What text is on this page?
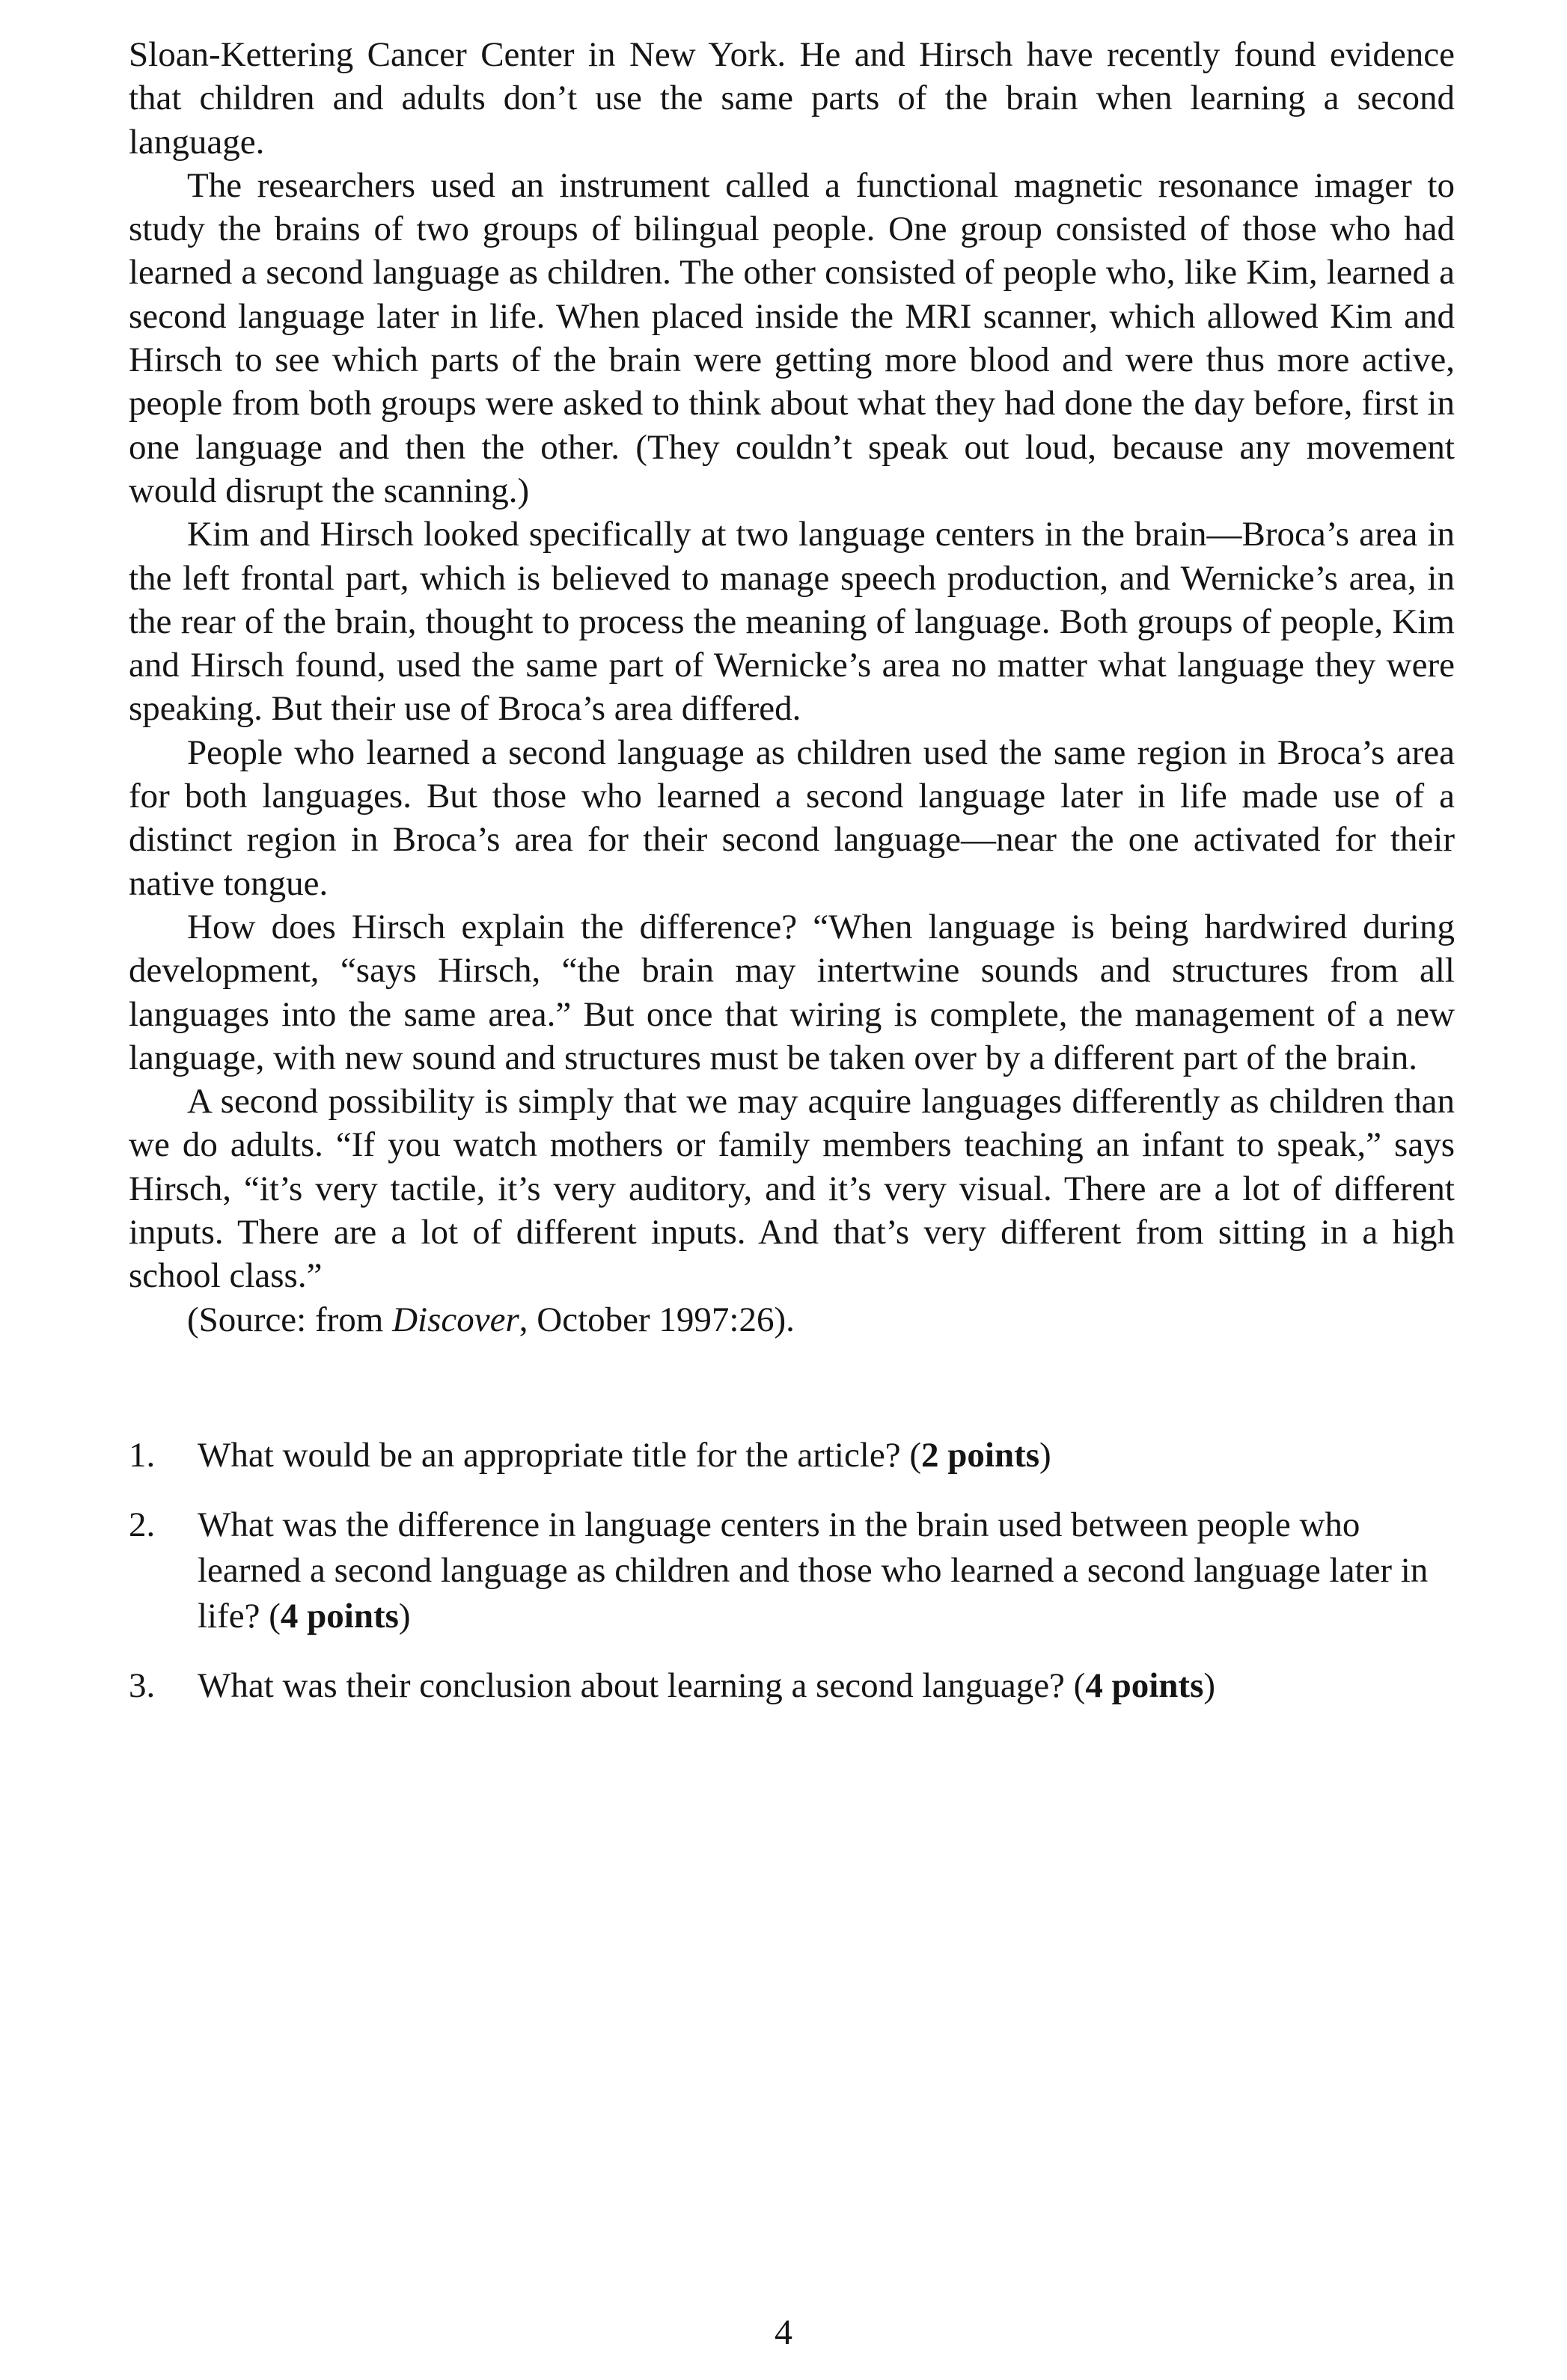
Sloan-Kettering Cancer Center in New York. He and Hirsch have recently found evidence that children and adults don’t use the same parts of the brain when learning a second language.

The researchers used an instrument called a functional magnetic resonance imager to study the brains of two groups of bilingual people. One group consisted of those who had learned a second language as children. The other consisted of people who, like Kim, learned a second language later in life. When placed inside the MRI scanner, which allowed Kim and Hirsch to see which parts of the brain were getting more blood and were thus more active, people from both groups were asked to think about what they had done the day before, first in one language and then the other. (They couldn’t speak out loud, because any movement would disrupt the scanning.)

Kim and Hirsch looked specifically at two language centers in the brain—Broca’s area in the left frontal part, which is believed to manage speech production, and Wernicke’s area, in the rear of the brain, thought to process the meaning of language. Both groups of people, Kim and Hirsch found, used the same part of Wernicke’s area no matter what language they were speaking. But their use of Broca’s area differed.

People who learned a second language as children used the same region in Broca’s area for both languages. But those who learned a second language later in life made use of a distinct region in Broca’s area for their second language—near the one activated for their native tongue.

How does Hirsch explain the difference? “When language is being hardwired during development, “says Hirsch, “the brain may intertwine sounds and structures from all languages into the same area.” But once that wiring is complete, the management of a new language, with new sound and structures must be taken over by a different part of the brain.

A second possibility is simply that we may acquire languages differently as children than we do adults. “If you watch mothers or family members teaching an infant to speak,” says Hirsch, “it’s very tactile, it’s very auditory, and it’s very visual. There are a lot of different inputs. There are a lot of different inputs. And that’s very different from sitting in a high school class.”

(Source: from Discover, October 1997:26).

1.	What would be an appropriate title for the article? (2 points)
2.	What was the difference in language centers in the brain used between people who learned a second language as children and those who learned a second language later in life? (4 points)
3.	What was their conclusion about learning a second language? (4 points)
4
